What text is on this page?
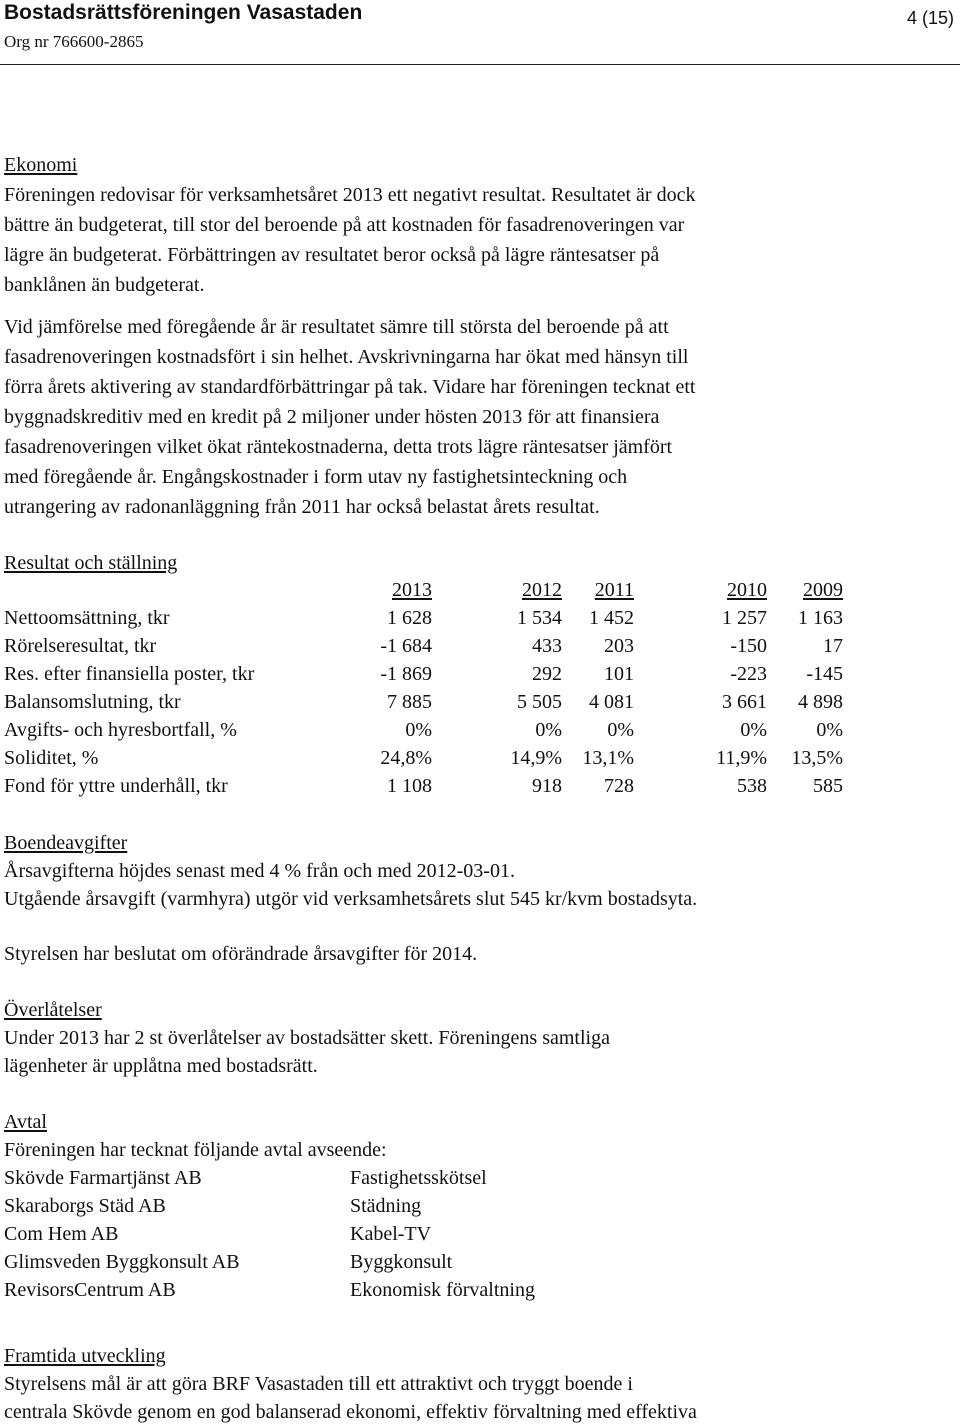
Bostadsrättsföreningen Vasastaden	4 (15)
Org nr 766600-2865
Ekonomi
Föreningen redovisar för verksamhetsåret 2013 ett negativt resultat. Resultatet är dock
bättre än budgeterat, till stor del beroende på att kostnaden för fasadrenoveringen var
lägre än budgeterat. Förbättringen av resultatet beror också på lägre räntesatser på
banklånen än budgeterat.
Vid jämförelse med föregående år är resultatet sämre till största del beroende på att
fasadrenoveringen kostnadsfört i sin helhet. Avskrivningarna har ökat med hänsyn till
förra årets aktivering av standardförbättringar på tak. Vidare har föreningen tecknat ett
byggnadskreditiv med en kredit på 2 miljoner under hösten 2013 för att finansiera
fasadrenoveringen vilket ökat räntekostnaderna, detta trots lägre räntesatser jämfört
med föregående år. Engångskostnader i form utav ny fastighetsinteckning och
utrangering av radonanläggning från 2011 har också belastat årets resultat.
Resultat och ställning
	2013	2012	2011	2010	2009
Nettoomsättning, tkr	1 628	1 534	1 452	1 257	1 163
Rörelseresultat, tkr	-1 684	433	203	-150	17
Res. efter finansiella poster, tkr	-1 869	292	101	-223	-145
Balansomslutning, tkr	7 885	5 505	4 081	3 661	4 898
Avgifts- och hyresbortfall, %	0%	0%	0%	0%	0%
Soliditet, %	24,8%	14,9%	13,1%	11,9%	13,5%
Fond för yttre underhåll, tkr	1 108	918	728	538	585
Boendeavgifter
Årsavgifterna höjdes senast med 4 % från och med 2012-03-01.
Utgående årsavgift (varmhyra) utgör vid verksamhetsårets slut 545 kr/kvm bostadsyta.
Styrelsen har beslutat om oförändrade årsavgifter för 2014.
Överlåtelser
Under 2013 har 2 st överlåtelser av bostadsätter skett. Föreningens samtliga
lägenheter är upplåtna med bostadsrätt.
Avtal
Föreningen har tecknat följande avtal avseende:
Skövde Farmartjänst AB	Fastighetsskötsel
Skaraborgs Städ AB	Städning
Com Hem AB	Kabel-TV
Glimsveden Byggkonsult AB	Byggkonsult
RevisorsCentrum AB	Ekonomisk förvaltning
Framtida utveckling
Styrelsens mål är att göra BRF Vasastaden till ett attraktivt och tryggt boende i
centrala Skövde genom en god balanserad ekonomi, effektiv förvaltning med effektiva
